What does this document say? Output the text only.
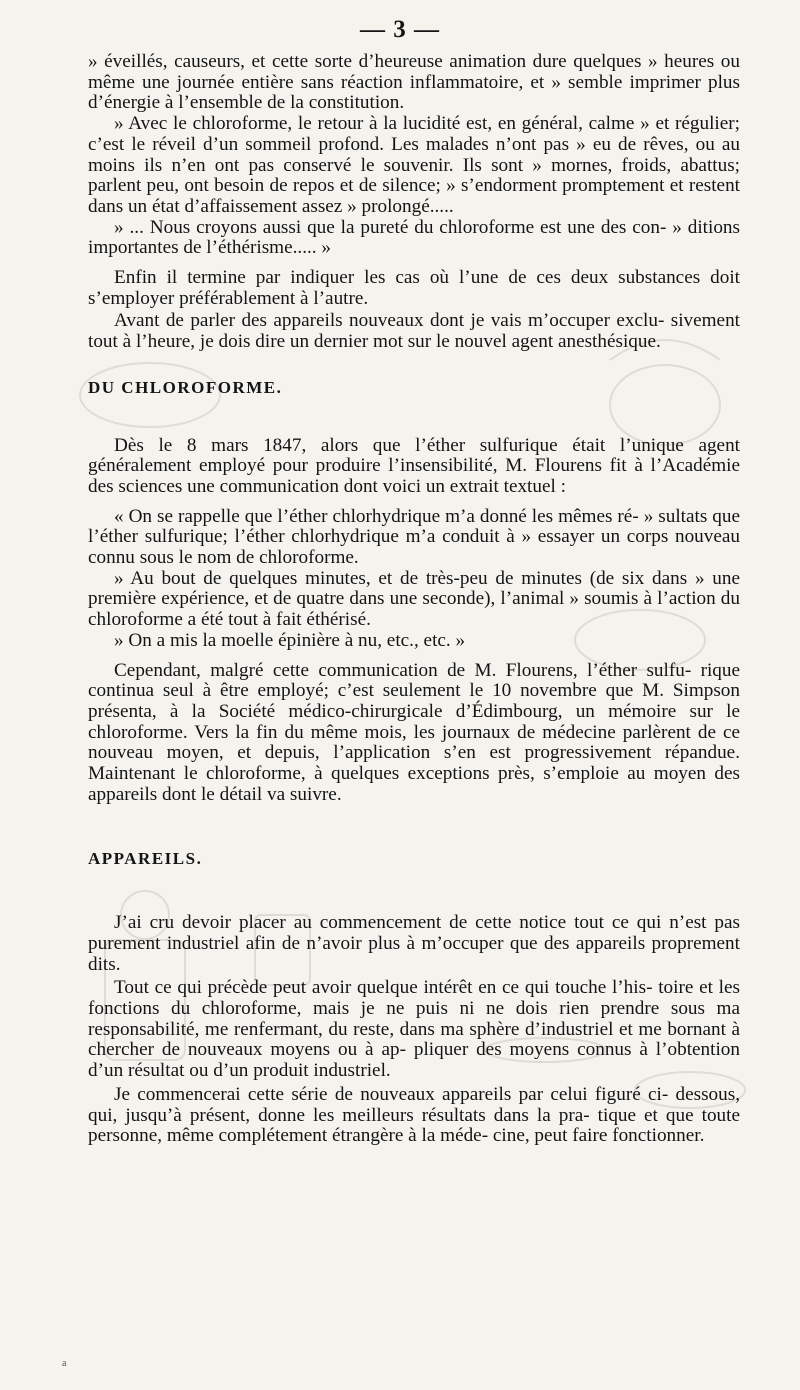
— 3 —

» éveillés, causeurs, et cette sorte d’heureuse animation dure quelques » heures ou même une journée entière sans réaction inflammatoire, et » semble imprimer plus d’énergie à l’ensemble de la constitution.

» Avec le chloroforme, le retour à la lucidité est, en général, calme » et régulier; c’est le réveil d’un sommeil profond. Les malades n’ont pas » eu de rêves, ou au moins ils n’en ont pas conservé le souvenir. Ils sont » mornes, froids, abattus; parlent peu, ont besoin de repos et de silence; » s’endorment promptement et restent dans un état d’affaissement assez » prolongé.....

» ... Nous croyons aussi que la pureté du chloroforme est une des con- » ditions importantes de l’éthérisme..... »

Enfin il termine par indiquer les cas où l’une de ces deux substances doit s’employer préférablement à l’autre.

Avant de parler des appareils nouveaux dont je vais m’occuper exclu- sivement tout à l’heure, je dois dire un dernier mot sur le nouvel agent anesthésique.

DU CHLOROFORME.

Dès le 8 mars 1847, alors que l’éther sulfurique était l’unique agent généralement employé pour produire l’insensibilité, M. Flourens fit à l’Académie des sciences une communication dont voici un extrait textuel :

« On se rappelle que l’éther chlorhydrique m’a donné les mêmes ré- » sultats que l’éther sulfurique; l’éther chlorhydrique m’a conduit à » essayer un corps nouveau connu sous le nom de chloroforme.

» Au bout de quelques minutes, et de très-peu de minutes (de six dans » une première expérience, et de quatre dans une seconde), l’animal » soumis à l’action du chloroforme a été tout à fait éthérisé.

» On a mis la moelle épinière à nu, etc., etc. »

Cependant, malgré cette communication de M. Flourens, l’éther sulfu- rique continua seul à être employé; c’est seulement le 10 novembre que M. Simpson présenta, à la Société médico-chirurgicale d’Édimbourg, un mémoire sur le chloroforme. Vers la fin du même mois, les journaux de médecine parlèrent de ce nouveau moyen, et depuis, l’application s’en est progressivement répandue. Maintenant le chloroforme, à quelques exceptions près, s’emploie au moyen des appareils dont le détail va suivre.

APPAREILS.

J’ai cru devoir placer au commencement de cette notice tout ce qui n’est pas purement industriel afin de n’avoir plus à m’occuper que des appareils proprement dits.

Tout ce qui précède peut avoir quelque intérêt en ce qui touche l’his- toire et les fonctions du chloroforme, mais je ne puis ni ne dois rien prendre sous ma responsabilité, me renfermant, du reste, dans ma sphère d’industriel et me bornant à chercher de nouveaux moyens ou à ap- pliquer des moyens connus à l’obtention d’un résultat ou d’un produit industriel.

Je commencerai cette série de nouveaux appareils par celui figuré ci- dessous, qui, jusqu’à présent, donne les meilleurs résultats dans la pra- tique et que toute personne, même complétement étrangère à la méde- cine, peut faire fonctionner.

a
